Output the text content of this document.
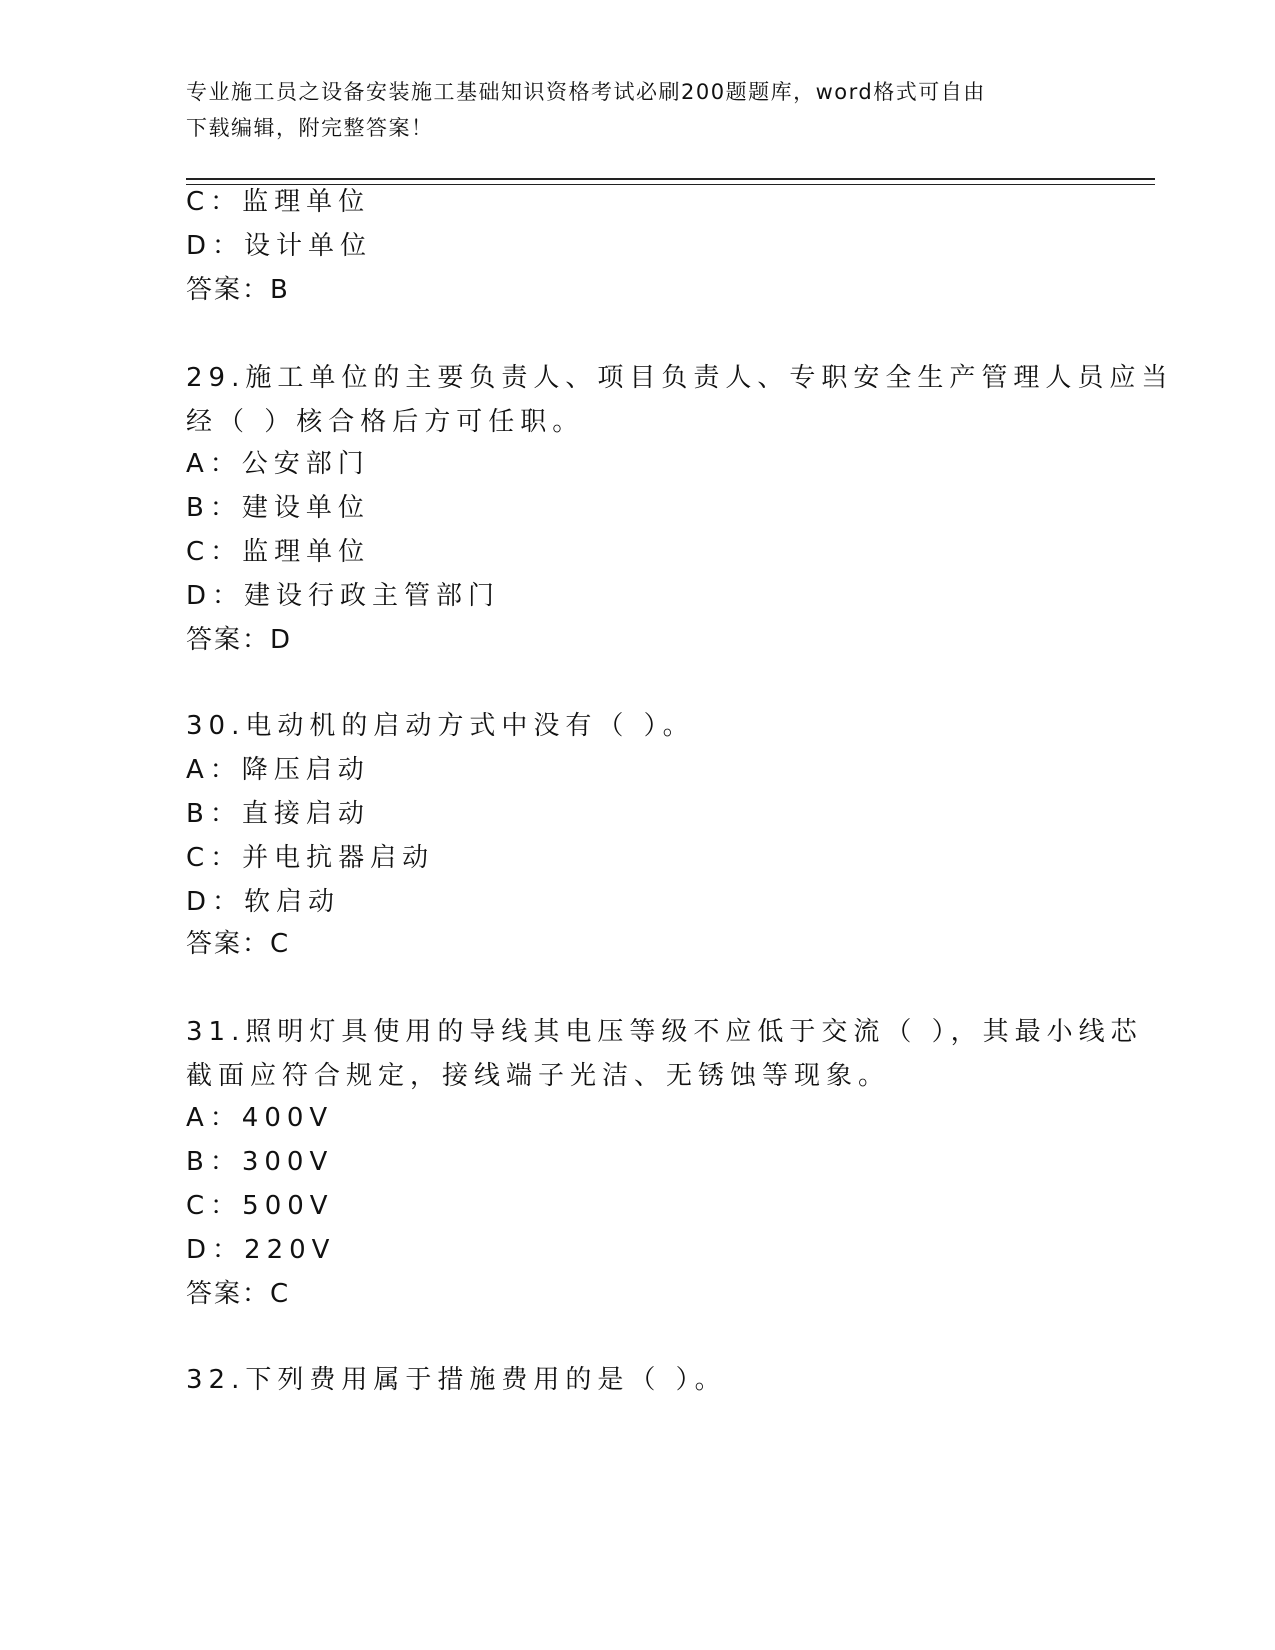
专业施工员之设备安装施工基础知识资格考试必刷200题题库，word格式可自由
下载编辑，附完整答案！
C：监理单位
D：设计单位
答案：B
29.施工单位的主要负责人、项目负责人、专职安全生产管理人员应当
经（ ）核合格后方可任职。
A：公安部门
B：建设单位
C：监理单位
D：建设行政主管部门
答案：D
30.电动机的启动方式中没有（ ）。
A：降压启动
B：直接启动
C：并电抗器启动
D：软启动
答案：C
31.照明灯具使用的导线其电压等级不应低于交流（ ），其最小线芯
截面应符合规定，接线端子光洁、无锈蚀等现象。
A：400V
B：300V
C：500V
D：220V
答案：C
32.下列费用属于措施费用的是（ ）。
